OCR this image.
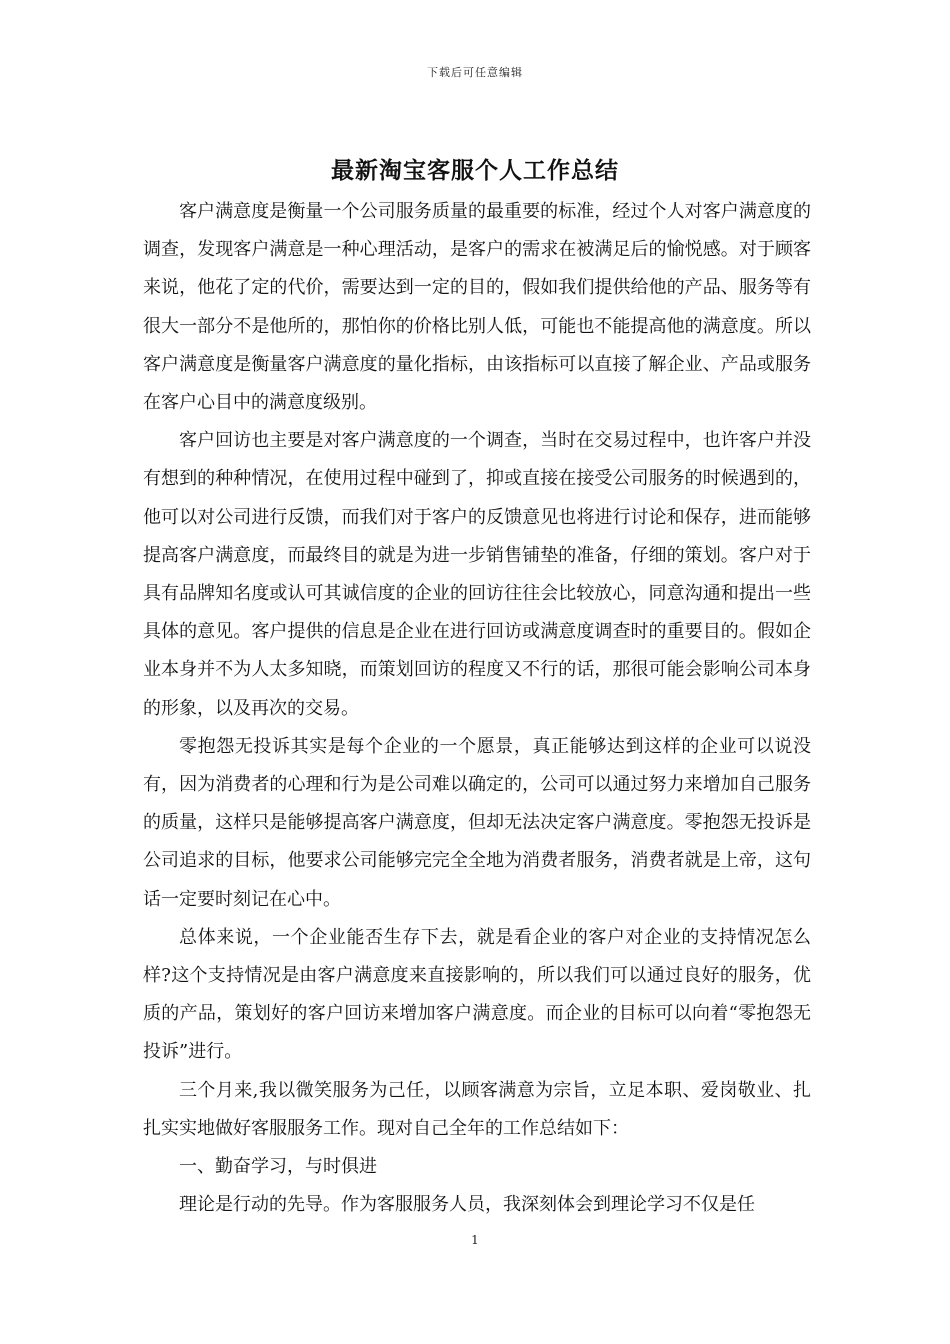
下载后可任意编辑
最新淘宝客服个人工作总结

客户满意度是衡量一个公司服务质量的最重要的标准，经过个人对客户满意度的调查，发现客户满意是一种心理活动，是客户的需求在被满足后的愉悦感。对于顾客来说，他花了定的代价，需要达到一定的目的，假如我们提供给他的产品、服务等有很大一部分不是他所的，那怕你的价格比别人低，可能也不能提高他的满意度。所以客户满意度是衡量客户满意度的量化指标，由该指标可以直接了解企业、产品或服务在客户心目中的满意度级别。

客户回访也主要是对客户满意度的一个调查，当时在交易过程中，也许客户并没有想到的种种情况，在使用过程中碰到了，抑或直接在接受公司服务的时候遇到的，他可以对公司进行反馈，而我们对于客户的反馈意见也将进行讨论和保存，进而能够提高客户满意度，而最终目的就是为进一步销售铺垫的准备，仔细的策划。客户对于具有品牌知名度或认可其诚信度的企业的回访往往会比较放心，同意沟通和提出一些具体的意见。客户提供的信息是企业在进行回访或满意度调查时的重要目的。假如企业本身并不为人太多知晓，而策划回访的程度又不行的话，那很可能会影响公司本身的形象，以及再次的交易。

零抱怨无投诉其实是每个企业的一个愿景，真正能够达到这样的企业可以说没有，因为消费者的心理和行为是公司难以确定的，公司可以通过努力来增加自己服务的质量，这样只是能够提高客户满意度，但却无法决定客户满意度。零抱怨无投诉是公司追求的目标，他要求公司能够完完全全地为消费者服务，消费者就是上帝，这句话一定要时刻记在心中。

总体来说，一个企业能否生存下去，就是看企业的客户对企业的支持情况怎么样?这个支持情况是由客户满意度来直接影响的，所以我们可以通过良好的服务，优质的产品，策划好的客户回访来增加客户满意度。而企业的目标可以向着“零抱怨无投诉”进行。

三个月来,我以微笑服务为己任，以顾客满意为宗旨，立足本职、爱岗敬业、扎扎实实地做好客服服务工作。现对自己全年的工作总结如下：

一、勤奋学习，与时俱进

理论是行动的先导。作为客服服务人员，我深刻体会到理论学习不仅是任

1
